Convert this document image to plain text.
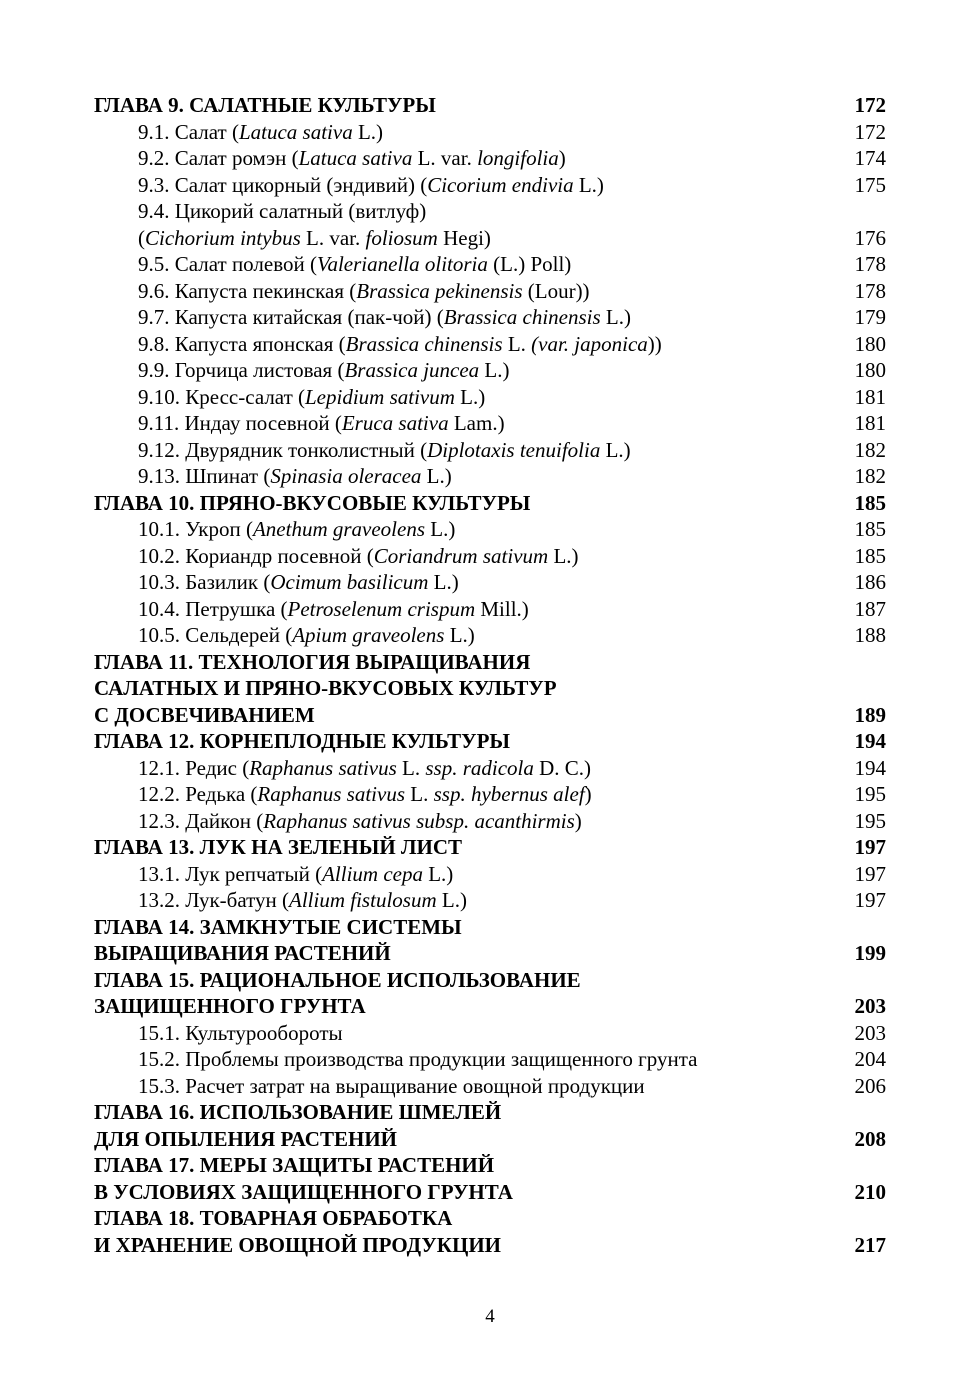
ГЛАВА 9. САЛАТНЫЕ КУЛЬТУРЫ	172
9.1. Салат (Latuca sativa L.)	172
9.2. Салат ромэн (Latuca sativa L. var. longifolia)	174
9.3. Салат цикорный (эндивий) (Cicorium endivia L.)	175
9.4. Цикорий салатный (витлуф)
(Cichorium intybus L. var. foliosum Hegi)	176
9.5. Салат полевой (Valerianella olitoria (L.) Poll)	178
9.6. Капуста пекинская (Brassica pekinensis (Lour))	178
9.7. Капуста китайская (пак-чой) (Brassica chinensis L.)	179
9.8. Капуста японская (Brassica chinensis L. (var. japonica))	180
9.9. Горчица листовая (Brassica juncea L.)	180
9.10. Кресс-салат (Lepidium sativum L.)	181
9.11. Индау посевной (Eruca sativa Lam.)	181
9.12. Двурядник тонколистный (Diplotaxis tenuifolia L.)	182
9.13. Шпинат (Spinasia oleracea L.)	182
ГЛАВА 10. ПРЯНО-ВКУСОВЫЕ КУЛЬТУРЫ	185
10.1. Укроп (Anethum graveolens L.)	185
10.2. Кориандр посевной (Coriandrum sativum L.)	185
10.3. Базилик (Ocimum basilicum L.)	186
10.4. Петрушка (Petroselenum crispum Mill.)	187
10.5. Сельдерей (Apium graveolens L.)	188
ГЛАВА 11. ТЕХНОЛОГИЯ ВЫРАЩИВАНИЯ
САЛАТНЫХ И ПРЯНО-ВКУСОВЫХ КУЛЬТУР
С ДОСВЕЧИВАНИЕМ	189
ГЛАВА 12. КОРНЕПЛОДНЫЕ КУЛЬТУРЫ	194
12.1. Редис (Raphanus sativus L. ssp. radicola D. C.)	194
12.2. Редька (Raphanus sativus L. ssp. hybernus alef)	195
12.3. Дайкон (Raphanus sativus subsp. acanthirmis)	195
ГЛАВА 13. ЛУК НА ЗЕЛЕНЫЙ ЛИСТ	197
13.1. Лук репчатый (Allium cepa L.)	197
13.2. Лук-батун (Allium fistulosum L.)	197
ГЛАВА 14. ЗАМКНУТЫЕ СИСТЕМЫ
ВЫРАЩИВАНИЯ РАСТЕНИЙ	199
ГЛАВА 15. РАЦИОНАЛЬНОЕ ИСПОЛЬЗОВАНИЕ
ЗАЩИЩЕННОГО ГРУНТА	203
15.1. Культурообороты	203
15.2. Проблемы производства продукции защищенного грунта	204
15.3. Расчет затрат на выращивание овощной продукции	206
ГЛАВА 16. ИСПОЛЬЗОВАНИЕ ШМЕЛЕЙ
ДЛЯ ОПЫЛЕНИЯ РАСТЕНИЙ	208
ГЛАВА 17. МЕРЫ ЗАЩИТЫ РАСТЕНИЙ
В УСЛОВИЯХ ЗАЩИЩЕННОГО ГРУНТА	210
ГЛАВА 18. ТОВАРНАЯ ОБРАБОТКА
И ХРАНЕНИЕ ОВОЩНОЙ ПРОДУКЦИИ	217
4
